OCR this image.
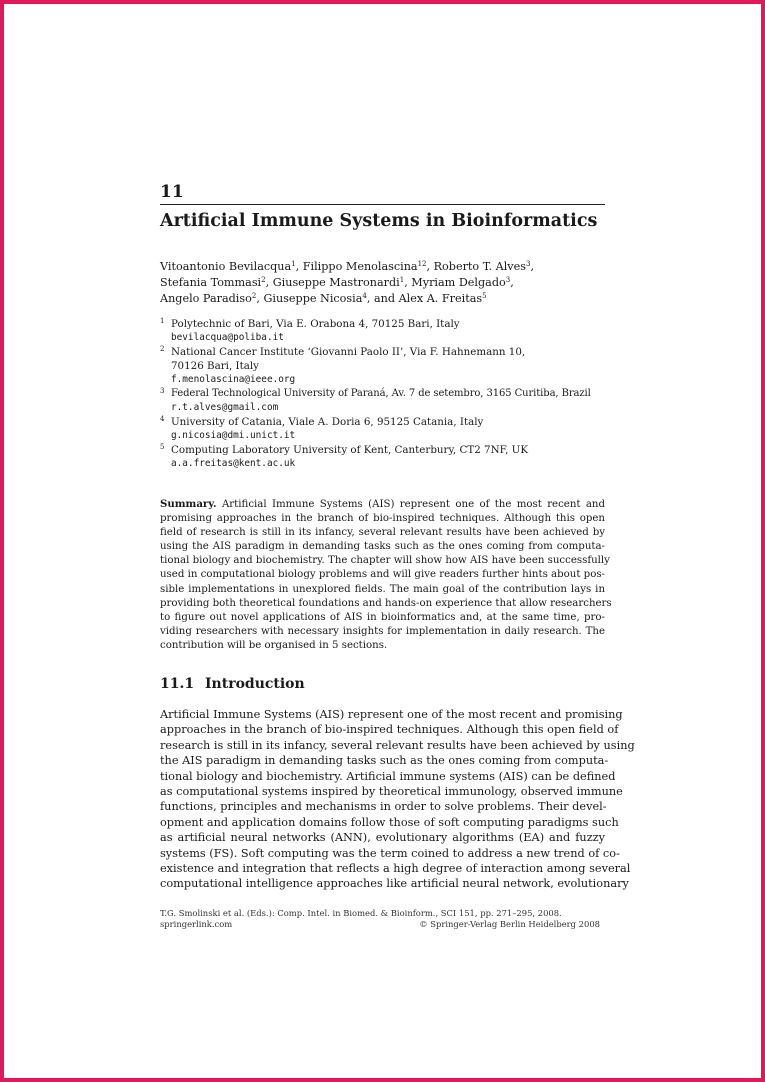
11
Artificial Immune Systems in Bioinformatics
Vitoantonio Bevilacqua$^1$, Filippo Menolascina$^{12}$, Roberto T. Alves$^3$,
Stefania Tommasi$^2$, Giuseppe Mastronardi$^1$, Myriam Delgado$^3$,
Angelo Paradiso$^2$, Giuseppe Nicosia$^4$, and Alex A. Freitas$^5$
1 Polytechnic of Bari, Via E. Orabona 4, 70125 Bari, Italy
bevilacqua@poliba.it
2 National Cancer Institute ‘Giovanni Paolo II’, Via F. Hahnemann 10,
70126 Bari, Italy
f.menolascina@ieee.org
3 Federal Technological University of Paraná, Av. 7 de setembro, 3165 Curitiba, Brazil
r.t.alves@gmail.com
4 University of Catania, Viale A. Doria 6, 95125 Catania, Italy
g.nicosia@dmi.unict.it
5 Computing Laboratory University of Kent, Canterbury, CT2 7NF, UK
a.a.freitas@kent.ac.uk
Summary. Artificial Immune Systems (AIS) represent one of the most recent and
promising approaches in the branch of bio-inspired techniques. Although this open
field of research is still in its infancy, several relevant results have been achieved by
using the AIS paradigm in demanding tasks such as the ones coming from computa-
tional biology and biochemistry. The chapter will show how AIS have been successfully
used in computational biology problems and will give readers further hints about pos-
sible implementations in unexplored fields. The main goal of the contribution lays in
providing both theoretical foundations and hands-on experience that allow researchers
to figure out novel applications of AIS in bioinformatics and, at the same time, pro-
viding researchers with necessary insights for implementation in daily research. The
contribution will be organised in 5 sections.
11.1 Introduction
Artificial Immune Systems (AIS) represent one of the most recent and promising
approaches in the branch of bio-inspired techniques. Although this open field of
research is still in its infancy, several relevant results have been achieved by using
the AIS paradigm in demanding tasks such as the ones coming from computa-
tional biology and biochemistry. Artificial immune systems (AIS) can be defined
as computational systems inspired by theoretical immunology, observed immune
functions, principles and mechanisms in order to solve problems. Their devel-
opment and application domains follow those of soft computing paradigms such
as artificial neural networks (ANN), evolutionary algorithms (EA) and fuzzy
systems (FS). Soft computing was the term coined to address a new trend of co-
existence and integration that reflects a high degree of interaction among several
computational intelligence approaches like artificial neural network, evolutionary
T.G. Smolinski et al. (Eds.): Comp. Intel. in Biomed. & Bioinform., SCI 151, pp. 271–295, 2008.
springerlink.com	© Springer-Verlag Berlin Heidelberg 2008
